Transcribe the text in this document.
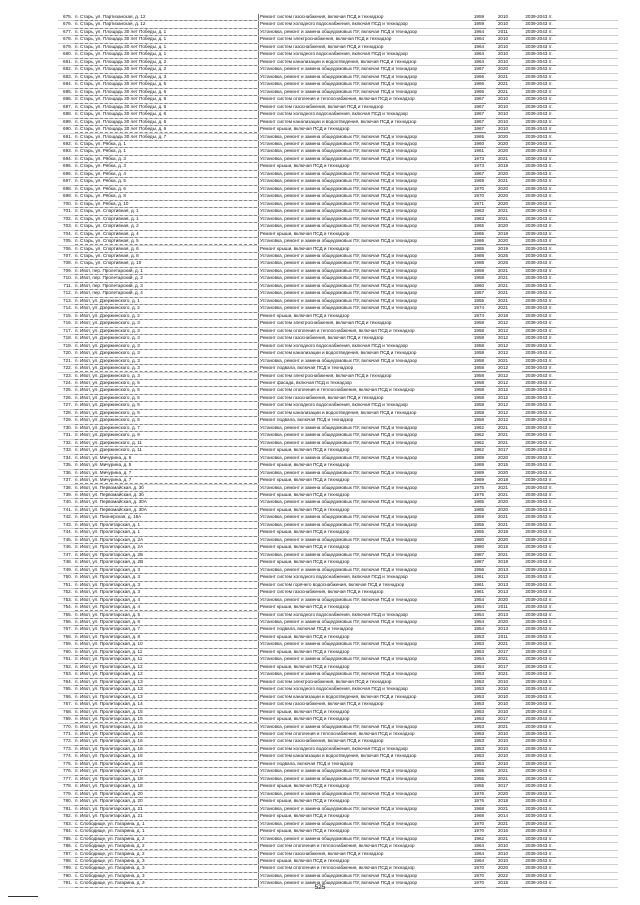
675. п. Стаpь, ул. Пaртизaнская, д. 12	Ремонт систем газоснабжения, включая ПСД и технадзор	1959	2010	2039-2043 гг.
676. п. Стаpь, ул. Пaртизaнская, д. 12	Ремонт систем холодного водоснабжения, включая ПСД и технадзор	1959	2010	2039-2043 гг.
677. п. Стаpь, ул. Площадь 30 лет Победы, д. 1	Установка, ремонт и замена общедомовых ПУ, включая ПСД и технадзор	1964	2011	2039-2043 гг.
678. п. Стаpь, ул. Площадь 30 лет Победы, д. 1	Ремонт систем электроснабжения, включая ПСД и технадзор	1964	2010	2039-2043 гг.
679. п. Стаpь, ул. Площадь 30 лет Победы, д. 1	Ремонт систем газоснабжения, включая ПСД и технадзор	1964	2010	2039-2043 гг.
680. п. Стаpь, ул. Площадь 30 лет Победы, д. 1	Ремонт систем холодного водоснабжения, включая ПСД и технадзор	1964	2010	2039-2043 гг.
681. п. Стаpь, ул. Площадь 30 лет Победы, д. 2	Ремонт систем канализации и водоотведения, включая ПСД и технадзор	1964	2010	2039-2043 гг.
682. п. Стаpь, ул. Площадь 30 лет Победы, д. 2	Установка, ремонт и замена общедомовых ПУ, включая ПСД и технадзор	1967	2020	2039-2043 гг.
683. п. Стаpь, ул. Площадь 30 лет Победы, д. 3	Установка, ремонт и замена общедомовых ПУ, включая ПСД и технадзор	1966	2021	2039-2043 гг.
684. п. Стаpь, ул. Площадь 30 лет Победы, д. 5	Установка, ремонт и замена общедомовых ПУ, включая ПСД и технадзор	1966	2021	2039-2043 гг.
685. п. Стаpь, ул. Площадь 30 лет Победы, д. 6	Установка, ремонт и замена общедомовых ПУ, включая ПСД и технадзор	1966	2021	2039-2043 гг.
686. п. Стаpь, ул. Площадь 30 лет Победы, д. 6	Ремонт систем отопления и теплоснабжения, включая ПСД и технадзор	1967	2010	2039-2043 гг.
687. п. Стаpь, ул. Площадь 30 лет Победы, д. 6	Ремонт систем газоснабжения, включая ПСД и технадзор	1967	2010	2039-2043 гг.
688. п. Стаpь, ул. Площадь 30 лет Победы, д. 6	Ремонт систем холодного водоснабжения, включая ПСД и технадзор	1967	2010	2039-2043 гг.
689. п. Стаpь, ул. Площадь 30 лет Победы, д. 6	Ремонт систем канализации и водоотведения, включая ПСД и технадзор	1967	2010	2039-2043 гг.
690. п. Стаpь, ул. Площадь 30 лет Победы, д. 6	Ремонт крыши, включая ПСД и технадзор	1967	2010	2039-2043 гг.
691. п. Стаpь, ул. Площадь 30 лет Победы, д. 7	Установка, ремонт и замена общедомовых ПУ, включая ПСД и технадзор	1965	2020	2039-2043 гг.
692. п. Стаpь, ул. Рябка, д. 1	Установка, ремонт и замена общедомовых ПУ, включая ПСД и технадзор	1960	2020	2039-2043 гг.
693. п. Стаpь, ул. Рябка, д. 1	Установка, ремонт и замена общедомовых ПУ, включая ПСД и технадзор	1961	2020	2039-2043 гг.
694. п. Стаpь, ул. Рябка, д. 3	Установка, ремонт и замена общедомовых ПУ, включая ПСД и технадзор	1973	2021	2039-2043 гг.
695. п. Стаpь, ул. Рябка, д. 3	Ремонт крыши, включая ПСД и технадзор	1973	2018	2039-2043 гг.
696. п. Стаpь, ул. Рябка, д. 4	Установка, ремонт и замена общедомовых ПУ, включая ПСД и технадзор	1967	2020	2039-2043 гг.
697. п. Стаpь, ул. Рябка, д. 5	Установка, ремонт и замена общедомовых ПУ, включая ПСД и технадзор	1969	2021	2039-2043 гг.
698. п. Стаpь, ул. Рябка, д. 6	Установка, ремонт и замена общедомовых ПУ, включая ПСД и технадзор	1970	2020	2039-2043 гг.
699. п. Стаpь, ул. Рябка, д. 8	Установка, ремонт и замена общедомовых ПУ, включая ПСД и технадзор	1970	2020	2039-2043 гг.
700. п. Стаpь, ул. Рябка, д. 10	Установка, ремонт и замена общедомовых ПУ, включая ПСД и технадзор	1971	2020	2039-2043 гг.
701. п. Стаpь, ул. Спортивная, д. 1	Установка, ремонт и замена общедомовых ПУ, включая ПСД и технадзор	1963	2021	2039-2043 гг.
702. п. Стаpь, ул. Спортивная, д. 1	Установка, ремонт и замена общедомовых ПУ, включая ПСД и технадзор	1963	2021	2039-2043 гг.
703. п. Стаpь, ул. Спортивная, д. 2	Установка, ремонт и замена общедомовых ПУ, включая ПСД и технадзор	1965	2020	2039-2043 гг.
704. п. Стаpь, ул. Спортивная, д. 4	Ремонт крыши, включая ПСД и технадзор	1965	2018	2039-2043 гг.
705. п. Стаpь, ул. Спортивная, д. 5	Установка, ремонт и замена общедомовых ПУ, включая ПСД и технадзор	1986	2020	2039-2043 гг.
706. п. Стаpь, ул. Спортивная, д. 6	Ремонт крыши, включая ПСД и технадзор	1985	2019	2039-2043 гг.
707. п. Стаpь, ул. Спортивная, д. 8	Установка, ремонт и замена общедомовых ПУ, включая ПСД и технадзор	1988	2025	2039-2043 гг.
708. п. Стаpь, ул. Спортивная, д. 10	Установка, ремонт и замена общедомовых ПУ, включая ПСД и технадзор	1988	2026	2039-2043 гг.
709. п. Ивот, пер. Пролетарский, д. 1	Установка, ремонт и замена общедомовых ПУ, включая ПСД и технадзор	1959	2021	2039-2043 гг.
710. п. Ивот, пер. Пролетарский, д. 2	Установка, ремонт и замена общедомовых ПУ, включая ПСД и технадзор	1958	2021	2039-2043 гг.
711. п. Ивот, пер. Пролетарский, д. 3	Установка, ремонт и замена общедомовых ПУ, включая ПСД и технадзор	1960	2021	2039-2043 гг.
712. п. Ивот, пер. Пролетарский, д. 4	Установка, ремонт и замена общедомовых ПУ, включая ПСД и технадзор	1957	2021	2039-2043 гг.
713. п. Ивот, ул. Дзержинского, д. 1	Установка, ремонт и замена общедомовых ПУ, включая ПСД и технадзор	1955	2021	2039-2043 гг.
714. п. Ивот, ул. Дзержинского, д. 2	Установка, ремонт и замена общедомовых ПУ, включая ПСД и технадзор	1974	2021	2039-2043 гг.
715. п. Ивот, ул. Дзержинского, д. 2	Ремонт крыши, включая ПСД и технадзор	1974	2018	2039-2043 гг.
716. п. Ивот, ул. Дзержинского, д. 3	Ремонт систем электроснабжения, включая ПСД и технадзор	1958	2012	2039-2043 гг.
717. п. Ивот, ул. Дзержинского, д. 3	Ремонт систем отопления и теплоснабжения, включая ПСД и технадзор	1958	2012	2039-2043 гг.
718. п. Ивот, ул. Дзержинского, д. 3	Ремонт систем газоснабжения, включая ПСД и технадзор	1958	2012	2039-2043 гг.
719. п. Ивот, ул. Дзержинского, д. 3	Ремонт систем холодного водоснабжения, включая ПСД и технадзор	1958	2012	2039-2043 гг.
720. п. Ивот, ул. Дзержинского, д. 3	Ремонт систем канализации и водоотведения, включая ПСД и технадзор	1958	2012	2039-2043 гг.
721. п. Ивот, ул. Дзержинского, д. 3	Установка, ремонт и замена общедомовых ПУ, включая ПСД и технадзор	1958	2021	2039-2043 гг.
722. п. Ивот, ул. Дзержинского, д. 3	Ремонт подвала, включая ПСД и технадзор	1958	2012	2039-2043 гг.
723. п. Ивот, ул. Дзержинского, д. 3	Ремонт систем электроснабжения, включая ПСД и технадзор	1958	2012	2039-2043 гг.
724. п. Ивот, ул. Дзержинского, д. 5	Ремонт фасада, включая ПСД и технадзор	1958	2012	2039-2043 гг.
725. п. Ивот, ул. Дзержинского, д. 5	Ремонт систем отопления и теплоснабжения, включая ПСД и технадзор	1958	2012	2039-2043 гг.
726. п. Ивот, ул. Дзержинского, д. 5	Ремонт систем газоснабжения, включая ПСД и технадзор	1958	2012	2039-2043 гг.
727. п. Ивот, ул. Дзержинского, д. 5	Ремонт систем холодного водоснабжения, включая ПСД и технадзор	1958	2012	2039-2043 гг.
728. п. Ивот, ул. Дзержинского, д. 5	Ремонт систем канализации и водоотведения, включая ПСД и технадзор	1958	2012	2039-2043 гг.
729. п. Ивот, ул. Дзержинского, д. 5	Ремонт подвала, включая ПСД и технадзор	1958	2012	2039-2043 гг.
730. п. Ивот, ул. Дзержинского, д. 7	Установка, ремонт и замена общедомовых ПУ, включая ПСД и технадзор	1962	2021	2039-2043 гг.
731. п. Ивот, ул. Дзержинского, д. 9	Установка, ремонт и замена общедомовых ПУ, включая ПСД и технадзор	1962	2021	2039-2043 гг.
732. п. Ивот, ул. Дзержинского, д. 11	Установка, ремонт и замена общедомовых ПУ, включая ПСД и технадзор	1962	2021	2039-2043 гг.
733. п. Ивот, ул. Дзержинского, д. 11	Ремонт крыши, включая ПСД и технадзор	1962	2017	2039-2043 гг.
734. п. Ивот, ул. Мичурина, д. 5	Установка, ремонт и замена общедомовых ПУ, включая ПСД и технадзор	1989	2020	2039-2043 гг.
735. п. Ивот, ул. Мичурина, д. 5	Ремонт крыши, включая ПСД и технадзор	1989	2015	2039-2043 гг.
736. п. Ивот, ул. Мичурина, д. 7	Установка, ремонт и замена общедомовых ПУ, включая ПСД и технадзор	1989	2020	2039-2043 гг.
737. п. Ивот, ул. Мичурина, д. 7	Ремонт крыши, включая ПСД и технадзор	1989	2018	2039-2043 гг.
738. п. Ивот, ул. Первомайская, д. 3б	Установка, ремонт и замена общедомовых ПУ, включая ПСД и технадзор	1975	2021	2039-2043 гг.
739. п. Ивот, ул. Первомайская, д. 3б	Ремонт крыши, включая ПСД и технадзор	1975	2021	2039-2043 гг.
740. п. Ивот, ул. Первомайская, д. 30А	Установка, ремонт и замена общедомовых ПУ, включая ПСД и технадзор	1985	2020	2039-2043 гг.
741. п. Ивот, ул. Первомайская, д. 30А	Ремонт крыши, включая ПСД и технадзор	1985	2020	2039-2043 гг.
742. п. Ивот, ул. Пионерская, д. 15А	Установка, ремонт и замена общедомовых ПУ, включая ПСД и технадзор	1959	2021	2039-2043 гг.
743. п. Ивот, ул. Пролетарская, д. 1	Установка, ремонт и замена общедомовых ПУ, включая ПСД и технадзор	1955	2021	2039-2043 гг.
744. п. Ивот, ул. Пролетарская, д. 1	Ремонт крыши, включая ПСД и технадзор	1955	2018	2039-2043 гг.
745. п. Ивот, ул. Пролетарская, д. 2А	Установка, ремонт и замена общедомовых ПУ, включая ПСД и технадзор	1980	2020	2039-2043 гг.
746. п. Ивот, ул. Пролетарская, д. 2А	Ремонт крыши, включая ПСД и технадзор	1980	2018	2039-2043 гг.
747. п. Ивот, ул. Пролетарская, д. 2Б	Установка, ремонт и замена общедомовых ПУ, включая ПСД и технадзор	1987	2021	2039-2043 гг.
748. п. Ивот, ул. Пролетарская, д. 2В	Ремонт крыши, включая ПСД и технадзор	1987	2019	2039-2043 гг.
749. п. Ивот, ул. Пролетарская, д. 3	Установка, ремонт и замена общедомовых ПУ, включая ПСД и технадзор	1956	2013	2039-2043 гг.
750. п. Ивот, ул. Пролетарская, д. 3	Ремонт систем холодного водоснабжения, включая ПСД и технадзор	1961	2013	2039-2043 гг.
751. п. Ивот, ул. Пролетарская, д. 3	Ремонт систем горячего водоснабжения, включая ПСД и технадзор	1961	2013	2039-2043 гг.
752. п. Ивот, ул. Пролетарская, д. 3	Ремонт систем газоснабжения, включая ПСД и технадзор	1961	2013	2039-2043 гг.
753. п. Ивот, ул. Пролетарская, д. 4	Установка, ремонт и замена общедомовых ПУ, включая ПСД и технадзор	1954	2020	2039-2043 гг.
754. п. Ивот, ул. Пролетарская, д. 4	Ремонт крыши, включая ПСД и технадзор	1954	2011	2039-2043 гг.
755. п. Ивот, ул. Пролетарская, д. 5	Ремонт систем холодного водоснабжения, включая ПСД и технадзор	1954	2013	2039-2043 гг.
756. п. Ивот, ул. Пролетарская, д. 6	Установка, ремонт и замена общедомовых ПУ, включая ПСД и технадзор	1954	2020	2039-2043 гг.
757. п. Ивот, ул. Пролетарская, д. 7	Ремонт подвала, включая ПСД и технадзор	1954	2013	2039-2043 гг.
758. п. Ивот, ул. Пролетарская, д. 8	Ремонт крыши, включая ПСД и технадзор	1953	2011	2039-2043 гг.
759. п. Ивот, ул. Пролетарская, д. 10	Установка, ремонт и замена общедомовых ПУ, включая ПСД и технадзор	1953	2021	2039-2043 гг.
760. п. Ивот, ул. Пролетарская, д. 11	Ремонт крыши, включая ПСД и технадзор	1953	2017	2039-2043 гг.
761. п. Ивот, ул. Пролетарская, д. 11	Установка, ремонт и замена общедомовых ПУ, включая ПСД и технадзор	1954	2021	2039-2043 гг.
762. п. Ивот, ул. Пролетарская, д. 12	Ремонт крыши, включая ПСД и технадзор	1954	2017	2039-2043 гг.
763. п. Ивот, ул. Пролетарская, д. 12	Установка, ремонт и замена общедомовых ПУ, включая ПСД и технадзор	1953	2021	2039-2043 гг.
764. п. Ивот, ул. Пролетарская, д. 13	Ремонт систем электроснабжения, включая ПСД и технадзор	1953	2010	2039-2043 гг.
765. п. Ивот, ул. Пролетарская, д. 13	Ремонт систем холодного водоснабжения, включая ПСД и технадзор	1953	2010	2039-2043 гг.
766. п. Ивот, ул. Пролетарская, д. 13	Ремонт систем канализации и водоотведения, включая ПСД и технадзор	1953	2010	2039-2043 гг.
767. п. Ивот, ул. Пролетарская, д. 14	Ремонт систем газоснабжения, включая ПСД и технадзор	1953	2010	2039-2043 гг.
768. п. Ивот, ул. Пролетарская, д. 15	Ремонт крыши, включая ПСД и технадзор	1953	2010	2039-2043 гг.
769. п. Ивот, ул. Пролетарская, д. 15	Ремонт крыши, включая ПСД и технадзор	1953	2017	2039-2043 гг.
770. п. Ивот, ул. Пролетарская, д. 16	Установка, ремонт и замена общедомовых ПУ, включая ПСД и технадзор	1953	2021	2039-2043 гг.
771. п. Ивот, ул. Пролетарская, д. 16	Ремонт систем отопления и теплоснабжения, включая ПСД и технадзор	1953	2010	2039-2043 гг.
772. п. Ивот, ул. Пролетарская, д. 16	Ремонт систем газоснабжения, включая ПСД и технадзор	1953	2010	2039-2043 гг.
773. п. Ивот, ул. Пролетарская, д. 16	Ремонт систем холодного водоснабжения, включая ПСД и технадзор	1953	2010	2039-2043 гг.
774. п. Ивот, ул. Пролетарская, д. 16	Ремонт систем канализации и водоотведения, включая ПСД и технадзор	1953	2010	2039-2043 гг.
775. п. Ивот, ул. Пролетарская, д. 16	Ремонт подвала, включая ПСД и технадзор	1953	2010	2039-2043 гг.
776. п. Ивот, ул. Пролетарская, д. 17	Установка, ремонт и замена общедомовых ПУ, включая ПСД и технадзор	1955	2021	2039-2043 гг.
777. п. Ивот, ул. Пролетарская, д. 18	Установка, ремонт и замена общедомовых ПУ, включая ПСД и технадзор	1955	2021	2039-2043 гг.
778. п. Ивот, ул. Пролетарская, д. 18	Ремонт крыши, включая ПСД и технадзор	1955	2017	2039-2043 гг.
779. п. Ивот, ул. Пролетарская, д. 20	Установка, ремонт и замена общедомовых ПУ, включая ПСД и технадзор	1976	2020	2039-2043 гг.
780. п. Ивот, ул. Пролетарская, д. 20	Ремонт крыши, включая ПСД и технадзор	1976	2018	2039-2043 гг.
781. п. Ивот, ул. Пролетарская, д. 21	Установка, ремонт и замена общедомовых ПУ, включая ПСД и технадзор	1968	2021	2039-2043 гг.
782. п. Ивот, ул. Пролетарская, д. 21	Ремонт крыши, включая ПСД и технадзор	1968	2014	2039-2043 гг.
783. с. Слободище, ул. Гагарина, д. 1	Установка, ремонт и замена общедомовых ПУ, включая ПСД и технадзор	1970	2021	2039-2043 гг.
784. с. Слободище, ул. Гагарина, д. 1	Ремонт крыши, включая ПСД и технадзор	1970	2016	2039-2043 гг.
785. с. Слободище, ул. Гагарина, д. 2	Установка, ремонт и замена общедомовых ПУ, включая ПСД и технадзор	1962	2021	2039-2043 гг.
786. с. Слободище, ул. Гагарина, д. 2	Ремонт систем отопления и теплоснабжения, включая ПСД и технадзор	1964	2010	2039-2043 гг.
787. с. Слободище, ул. Гагарина, д. 2	Ремонт систем газоснабжения, включая ПСД и технадзор	1964	2010	2039-2043 гг.
788. с. Слободище, ул. Гагарина, д. 3	Ремонт крыши, включая ПСД и технадзор	1964	2010	2039-2043 гг.
789. с. Слободище, ул. Гагарина, д. 3	Ремонт систем отопления и теплоснабжения, включая ПСД и технадзор	1970	2020	2039-2043 гг.
790. с. Слободище, ул. Гагарина, д. 3	Установка, ремонт и замена общедомовых ПУ, включая ПСД и технадзор	1970	2022	2039-2043 гг.
791. с. Слободище, ул. Гагарина, д. 3	Установка, ремонт и замена общедомовых ПУ, включая ПСД и технадзор	1970	2015	2039-2043 гг.
525
